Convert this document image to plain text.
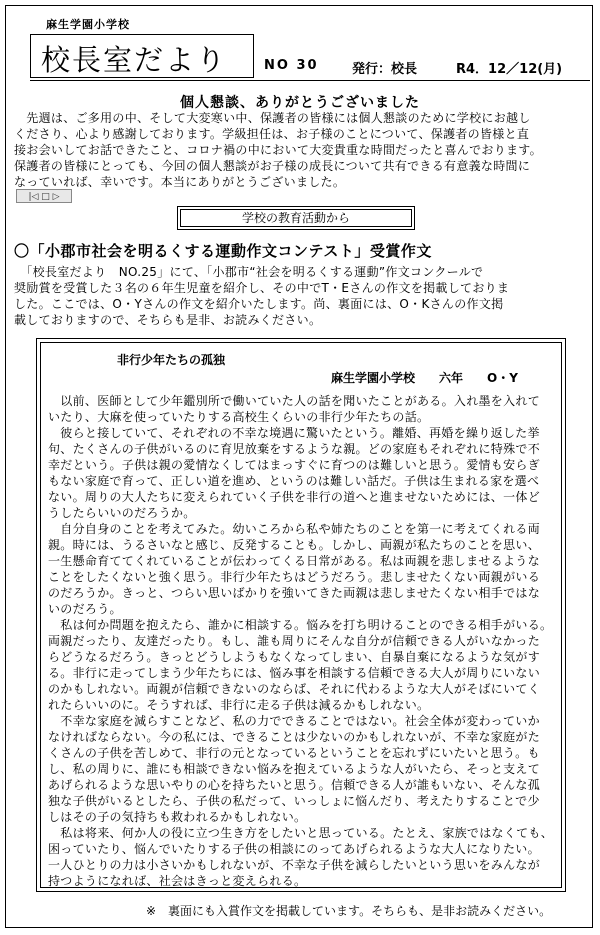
麻生学園小学校
校長室だより	NO 30	発行：校長	R4．12／12(月)
個人懇談、ありがとうございました

　先週は、ご多用の中、そして大変寒い中、保護者の皆様には個人懇談のために学校にお越し

くださり、心より感謝しております。学級担任は、お子様のことについて、保護者の皆様と直

接お会いしてお話できたこと、コロナ禍の中において大変貴重な時間だったと喜んでおります。

保護者の皆様にとっても、今回の個人懇談がお子様の成長について共有できる有意義な時間に

なっていれば、幸いです。本当にありがとうございました。

|◁ □ ▷
学校の教育活動から
〇「小郡市社会を明るくする運動作文コンテスト」受賞作文

　「校長室だより　NO.25」にて、「小郡市“社会を明るくする運動”作文コンクールで

奨励賞を受賞した３名の６年生児童を紹介し、その中でT・Eさんの作文を掲載しておりま

した。ここでは、O・Yさんの作文を紹介いたします。尚、裏面には、O・Kさんの作文掲

載しておりますので、そちらも是非、お読みください。

非行少年たちの孤独
麻生学園小学校　　六年　　O・Y

　以前、医師として少年鑑別所で働いていた人の話を聞いたことがある。入れ墨を入れて

いたり、大麻を使っていたりする高校生くらいの非行少年たちの話。

　彼らと接していて、それぞれの不幸な境遇に驚いたという。離婚、再婚を繰り返した挙

句、たくさんの子供がいるのに育児放棄をするような親。どの家庭もそれぞれに特殊で不

幸だという。子供は親の愛情なくしてはまっすぐに育つのは難しいと思う。愛情も安らぎ

もない家庭で育って、正しい道を進め、というのは難しい話だ。子供は生まれる家を選べ

ない。周りの大人たちに変えられていく子供を非行の道へと進ませないためには、一体ど

うしたらいいのだろうか。

　自分自身のことを考えてみた。幼いころから私や姉たちのことを第一に考えてくれる両

親。時には、うるさいなと感じ、反発することも。しかし、両親が私たちのことを思い、

一生懸命育ててくれていることが伝わってくる日常がある。私は両親を悲しませるような

ことをしたくないと強く思う。非行少年たちはどうだろう。悲しませたくない両親がいる

のだろうか。きっと、つらい思いばかりを強いてきた両親は悲しませたくない相手ではな

いのだろう。

　私は何か問題を抱えたら、誰かに相談する。悩みを打ち明けることのできる相手がいる。

両親だったり、友達だったり。もし、誰も周りにそんな自分が信頼できる人がいなかった

らどうなるだろう。きっとどうしようもなくなってしまい、自暴自棄になるような気がす

る。非行に走ってしまう少年たちには、悩み事を相談する信頼できる大人が周りにいない

のかもしれない。両親が信頼できないのならば、それに代わるような大人がそばにいてく

れたらいいのに。そうすれば、非行に走る子供は減るかもしれない。

　不幸な家庭を減らすことなど、私の力でできることではない。社会全体が変わっていか

なければならない。今の私には、できることは少ないのかもしれないが、不幸な家庭がた

くさんの子供を苦しめて、非行の元となっているということを忘れずにいたいと思う。も

し、私の周りに、誰にも相談できない悩みを抱えているような人がいたら、そっと支えて

あげられるような思いやりの心を持ちたいと思う。信頼できる人が誰もいない、そんな孤

独な子供がいるとしたら、子供の私だって、いっしょに悩んだり、考えたりすることで少

しはその子の気持ちも救われるかもしれない。

　私は将来、何か人の役に立つ生き方をしたいと思っている。たとえ、家族ではなくても、

困っていたり、悩んでいたりする子供の相談にのってあげられるような大人になりたい。

一人ひとりの力は小さいかもしれないが、不幸な子供を減らしたいという思いをみんなが

持つようになれば、社会はきっと変えられる。

※　裏面にも入賞作文を掲載しています。そちらも、是非お読みください。
